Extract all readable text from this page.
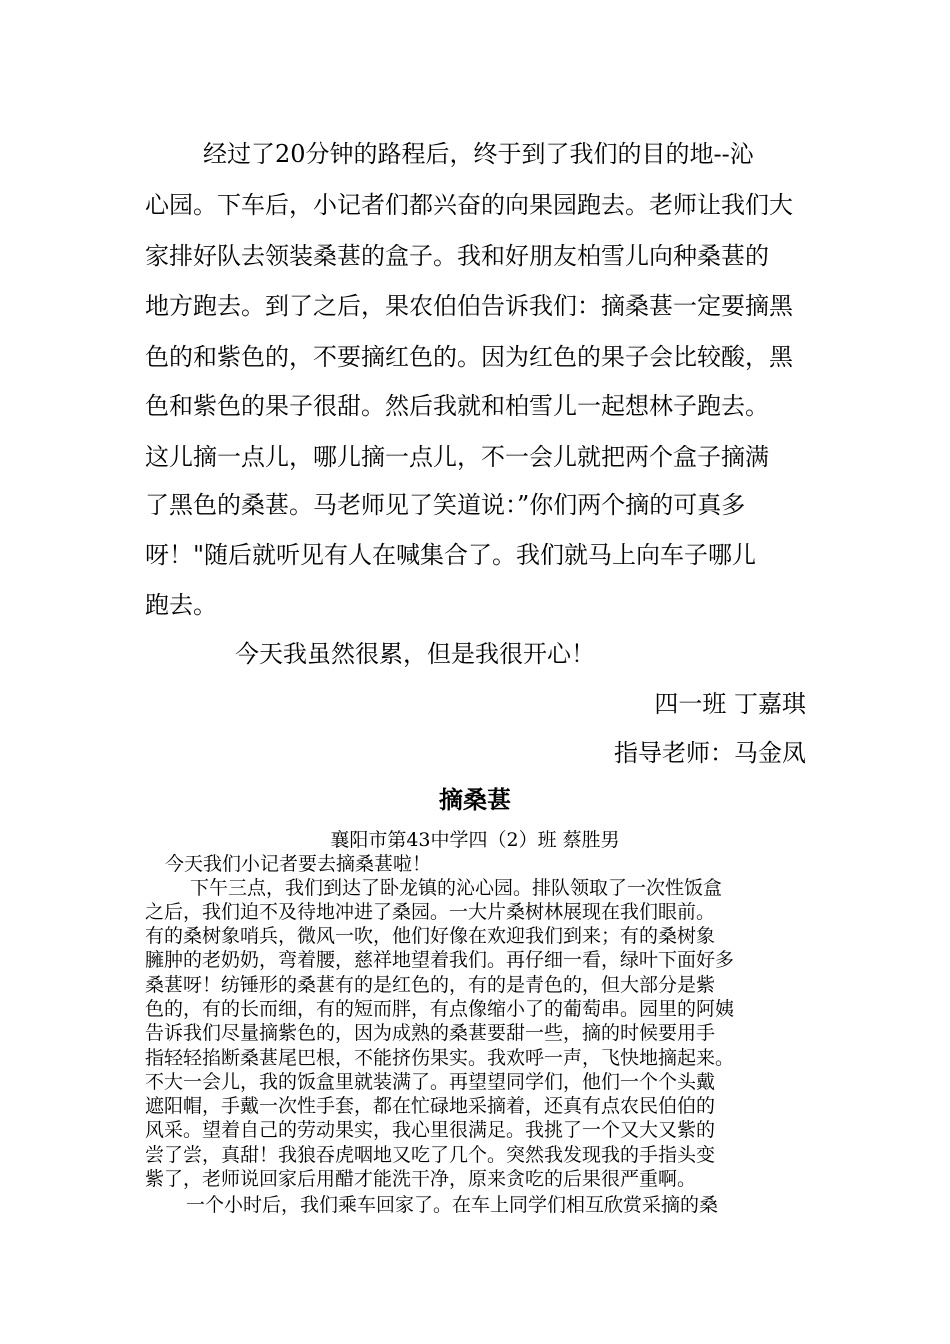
经过了20分钟的路程后，终于到了我们的目的地--沁
心园。下车后，小记者们都兴奋的向果园跑去。老师让我们大
家排好队去领装桑葚的盒子。我和好朋友柏雪儿向种桑葚的
地方跑去。到了之后，果农伯伯告诉我们：摘桑葚一定要摘黑
色的和紫色的，不要摘红色的。因为红色的果子会比较酸，黑
色和紫色的果子很甜。然后我就和柏雪儿一起想林子跑去。
这儿摘一点儿，哪儿摘一点儿，不一会儿就把两个盒子摘满
了黑色的桑葚。马老师见了笑道说：”你们两个摘的可真多
呀！"随后就听见有人在喊集合了。我们就马上向车子哪儿
跑去。
今天我虽然很累，但是我很开心！
四一班 丁嘉琪
指导老师：马金凤
摘桑葚
襄阳市第43中学四（2）班 蔡胜男
今天我们小记者要去摘桑葚啦！
下午三点，我们到达了卧龙镇的沁心园。排队领取了一次性饭盒
之后，我们迫不及待地冲进了桑园。一大片桑树林展现在我们眼前。
有的桑树象哨兵，微风一吹，他们好像在欢迎我们到来；有的桑树象
臃肿的老奶奶，弯着腰，慈祥地望着我们。再仔细一看，绿叶下面好多
桑葚呀！纺锤形的桑葚有的是红色的，有的是青色的，但大部分是紫
色的，有的长而细，有的短而胖，有点像缩小了的葡萄串。园里的阿姨
告诉我们尽量摘紫色的，因为成熟的桑葚要甜一些，摘的时候要用手
指轻轻掐断桑葚尾巴根，不能挤伤果实。我欢呼一声，飞快地摘起来。
不大一会儿，我的饭盒里就装满了。再望望同学们，他们一个个头戴
遮阳帽，手戴一次性手套，都在忙碌地采摘着，还真有点农民伯伯的
风采。望着自己的劳动果实，我心里很满足。我挑了一个又大又紫的
尝了尝，真甜！我狼吞虎咽地又吃了几个。突然我发现我的手指头变
紫了，老师说回家后用醋才能洗干净，原来贪吃的后果很严重啊。
一个小时后，我们乘车回家了。在车上同学们相互欣赏采摘的桑
